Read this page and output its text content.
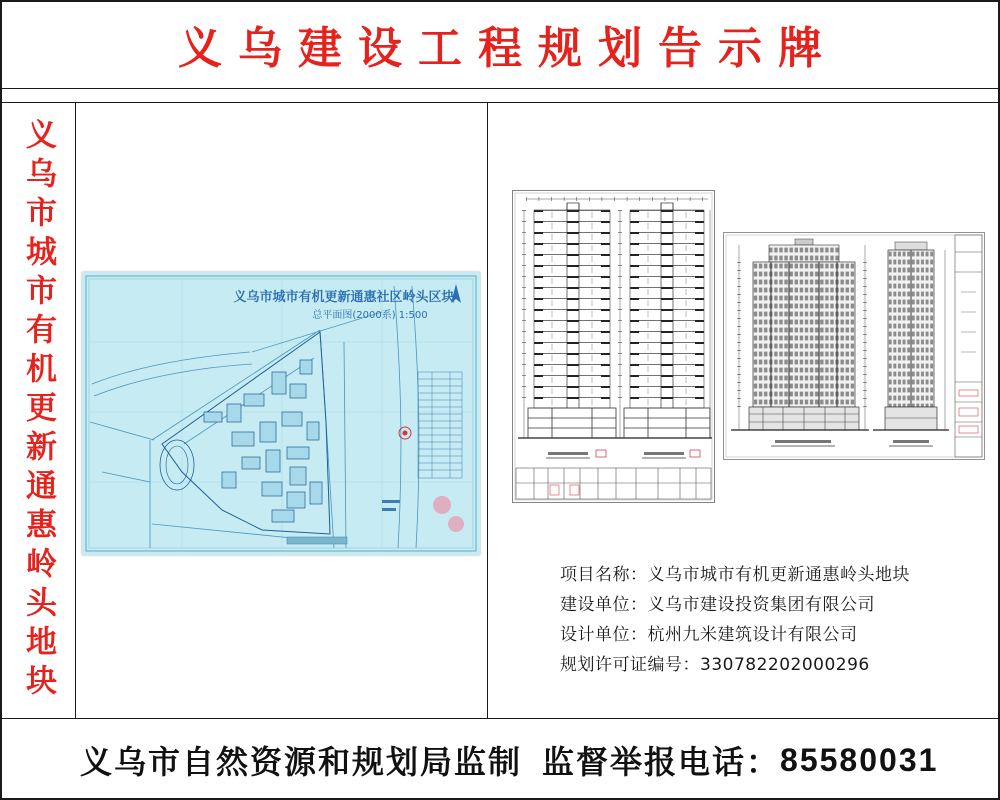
义乌建设工程规划告示牌
义乌市城市有机更新通惠岭头地块	义乌市城市有机更新通惠社区岭头区块
总平面图(2000系) 1:500
项目名称：义乌市城市有机更新通惠岭头地块
建设单位：义乌市建设投资集团有限公司
设计单位：杭州九米建筑设计有限公司
规划许可证编号：330782202000296
义乌市自然资源和规划局监制 监督举报电话： 85580031
